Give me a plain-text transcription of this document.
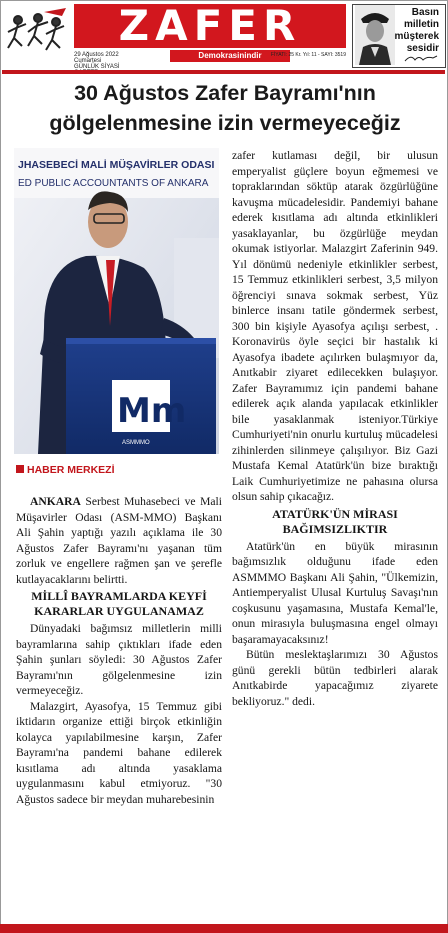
ZAFER
29 Ağustos 2022 Cumartesi
GÜNLÜK SİYASİ
Demokrasinindir	FİYATI: 25 Kr. Yıl: 11 - SAYI: 3519
Basın milletin müşterek sesidir
30 Ağustos Zafer Bayramı'nın
gölgelenmesine izin vermeyeceğiz
JHASEBECİ MALİ MÜŞAVİRLER ODASI
ED PUBLIC ACCOUNTANTS OF ANKARA
Mm
ASMMMO
HABER MERKEZİ

ANKARA Serbest Muhasebeci ve Mali Müşavirler Odası (ASM-MMO) Başkanı Ali Şahin yaptığı yazılı açıklama ile 30 Ağustos Zafer Bayramı'nı yaşanan tüm zorluk ve engellere rağmen şan ve şerefle kutlayacaklarını belirtti.

MİLLÎ BAYRAMLARDA KEYFİ KARARLAR UYGULANAMAZ

Dünyadaki bağımsız milletlerin milli bayramlarına sahip çıktıkları ifade eden Şahin şunları söyledi: 30 Ağustos Zafer Bayramı'nın gölgelenmesine izin vermeyeceğiz.

Malazgirt, Ayasofya, 15 Temmuz gibi iktidarın organize ettiği birçok etkinliğin kolayca yapılabilmesine karşın, Zafer Bayramı'na pandemi bahane edilerek kısıtlama adı altında yasaklama uygulanmasını kabul etmiyoruz. "30 Ağustos sadece bir meydan muharebesinin

zafer kutlaması değil, bir ulusun emperyalist güçlere boyun eğmemesi ve topraklarından söktüp atarak özgürlüğüne kavuşma mücadelesidir. Pandemiyi bahane ederek kısıtlama adı altında etkinlikleri yasaklayanlar, bu özgürlüğe meydan okumak istiyorlar. Malazgirt Zaferinin 949. Yıl dönümü nedeniyle etkinlikler serbest, 15 Temmuz etkinlikleri serbest, 3,5 milyon öğrenciyi sınava sokmak serbest, Yüz binlerce insanı tatile göndermek serbest, 300 bin kişiyle Ayasofya açılışı serbest, . Koronavirüs öyle seçici bir hastalık ki Ayasofya ibadete açılırken bulaşmıyor da, Anıtkabir ziyaret edilecekken bulaşıyor. Zafer Bayramımız için pandemi bahane edilerek açık alanda yapılacak etkinlikler bile yasaklanmak isteniyor.Türkiye Cumhuriyeti'nin onurlu kurtuluş mücadelesi zihinlerden silinmeye çalışılıyor. Biz Gazi Mustafa Kemal Atatürk'ün bize bıraktığı Laik Cumhuriyetimize ne pahasına olursa olsun sahip çıkacağız.

ATATÜRK'ÜN MİRASI BAĞIMSIZLIKTIR

Atatürk'ün en büyük mirasının bağımsızlık olduğunu ifade eden ASMMMO Başkanı Ali Şahin, "Ülkemizin, Antiemperyalist Ulusal Kurtuluş Savaşı'nın coşkusunu yaşamasına, Mustafa Kemal'le, onun mirasıyla buluşmasına engel olmayı başaramayacaksınız!

Bütün meslektaşlarımızı 30 Ağustos günü gerekli bütün tedbirleri alarak Anıtkabirde yapacağımız ziyarete bekliyoruz." dedi.
